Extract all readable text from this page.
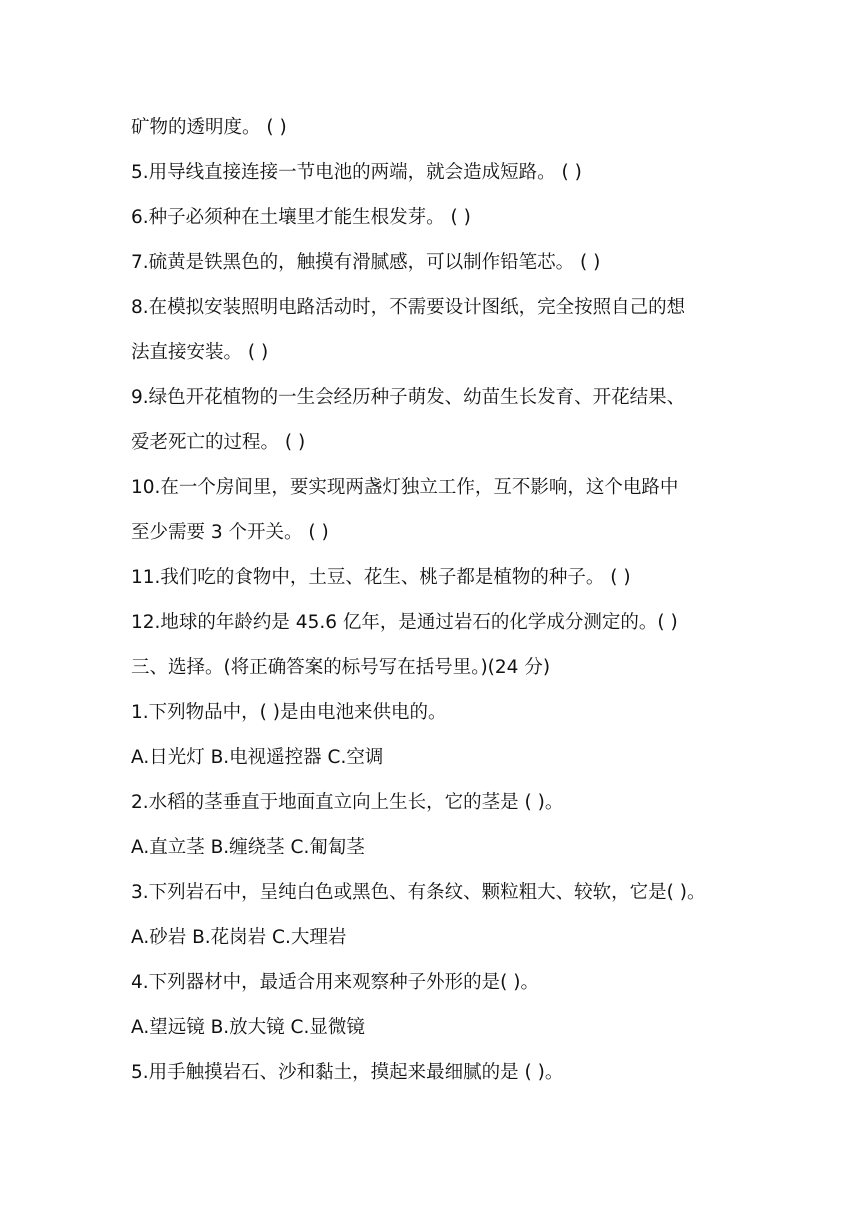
矿物的透明度。 ( )
5.用导线直接连接一节电池的两端，就会造成短路。 ( )
6.种子必须种在土壤里才能生根发芽。 ( )
7.硫黄是铁黑色的，触摸有滑腻感，可以制作铅笔芯。 ( )
8.在模拟安装照明电路活动时，不需要设计图纸，完全按照自己的想
法直接安装。 ( )
9.绿色开花植物的一生会经历种子萌发、幼苗生长发育、开花结果、
爱老死亡的过程。 ( )
10.在一个房间里，要实现两盏灯独立工作，互不影响，这个电路中
至少需要 3 个开关。 ( )
11.我们吃的食物中，土豆、花生、桃子都是植物的种子。 ( )
12.地球的年龄约是 45.6 亿年，是通过岩石的化学成分测定的。( )
三、选择。(将正确答案的标号写在括号里。)(24 分)
1.下列物品中，( )是由电池来供电的。
A.日光灯 B.电视遥控器 C.空调
2.水稻的茎垂直于地面直立向上生长，它的茎是 ( )。
A.直立茎 B.缠绕茎 C.匍匐茎
3.下列岩石中，呈纯白色或黑色、有条纹、颗粒粗大、较软，它是( )。
A.砂岩 B.花岗岩 C.大理岩
4.下列器材中，最适合用来观察种子外形的是( )。
A.望远镜 B.放大镜 C.显微镜
5.用手触摸岩石、沙和黏土，摸起来最细腻的是 ( )。
